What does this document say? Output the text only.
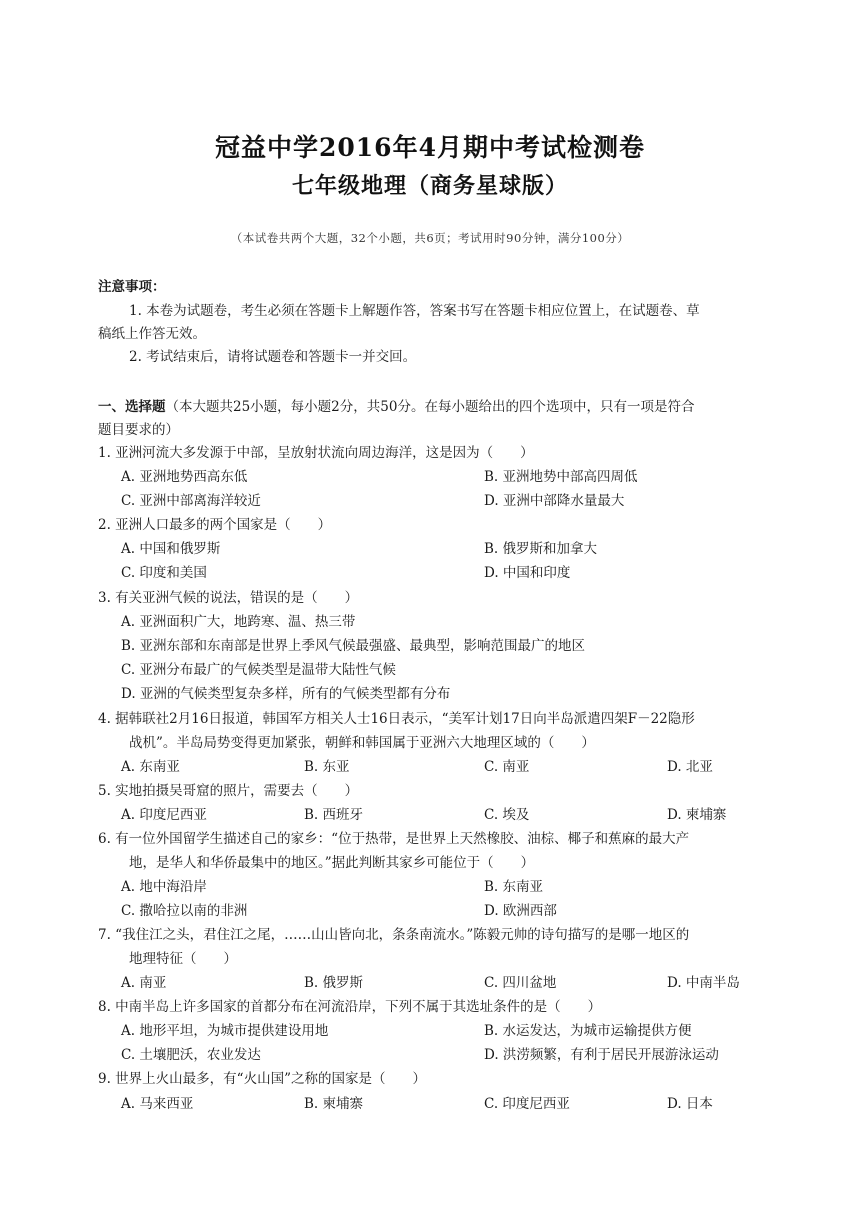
冠益中学2016年4月期中考试检测卷
七年级地理（商务星球版）
（本试卷共两个大题，32个小题，共6页；考试用时90分钟，满分100分）
注意事项：
1. 本卷为试题卷，考生必须在答题卡上解题作答，答案书写在答题卡相应位置上，在试题卷、草
稿纸上作答无效。
2. 考试结束后，请将试题卷和答题卡一并交回。
一、选择题（本大题共25小题，每小题2分，共50分。在每小题给出的四个选项中，只有一项是符合
题目要求的）
1. 亚洲河流大多发源于中部，呈放射状流向周边海洋，这是因为（　　）
A. 亚洲地势西高东低	B. 亚洲地势中部高四周低
C. 亚洲中部离海洋较近	D. 亚洲中部降水量最大
2. 亚洲人口最多的两个国家是（　　）
A. 中国和俄罗斯	B. 俄罗斯和加拿大
C. 印度和美国	D. 中国和印度
3. 有关亚洲气候的说法，错误的是（　　）
A. 亚洲面积广大，地跨寒、温、热三带
B. 亚洲东部和东南部是世界上季风气候最强盛、最典型，影响范围最广的地区
C. 亚洲分布最广的气候类型是温带大陆性气候
D. 亚洲的气候类型复杂多样，所有的气候类型都有分布
4. 据韩联社2月16日报道，韩国军方相关人士16日表示，“美军计划17日向半岛派遣四架F－22隐形
战机”。半岛局势变得更加紧张，朝鲜和韩国属于亚洲六大地理区域的（　　）
A. 东南亚	B. 东亚	C. 南亚	D. 北亚
5. 实地拍摄吴哥窟的照片，需要去（　　）
A. 印度尼西亚	B. 西班牙	C. 埃及	D. 柬埔寨
6. 有一位外国留学生描述自己的家乡：“位于热带，是世界上天然橡胶、油棕、椰子和蕉麻的最大产
地，是华人和华侨最集中的地区。”据此判断其家乡可能位于（　　）
A. 地中海沿岸	B. 东南亚
C. 撒哈拉以南的非洲	D. 欧洲西部
7. “我住江之头，君住江之尾，……山山皆向北，条条南流水。”陈毅元帅的诗句描写的是哪一地区的
地理特征（　　）
A. 南亚	B. 俄罗斯	C. 四川盆地	D. 中南半岛
8. 中南半岛上许多国家的首都分布在河流沿岸，下列不属于其选址条件的是（　　）
A. 地形平坦，为城市提供建设用地	B. 水运发达，为城市运输提供方便
C. 土壤肥沃，农业发达	D. 洪涝频繁，有利于居民开展游泳运动
9. 世界上火山最多，有“火山国”之称的国家是（　　）
A. 马来西亚	B. 柬埔寨	C. 印度尼西亚	D. 日本
